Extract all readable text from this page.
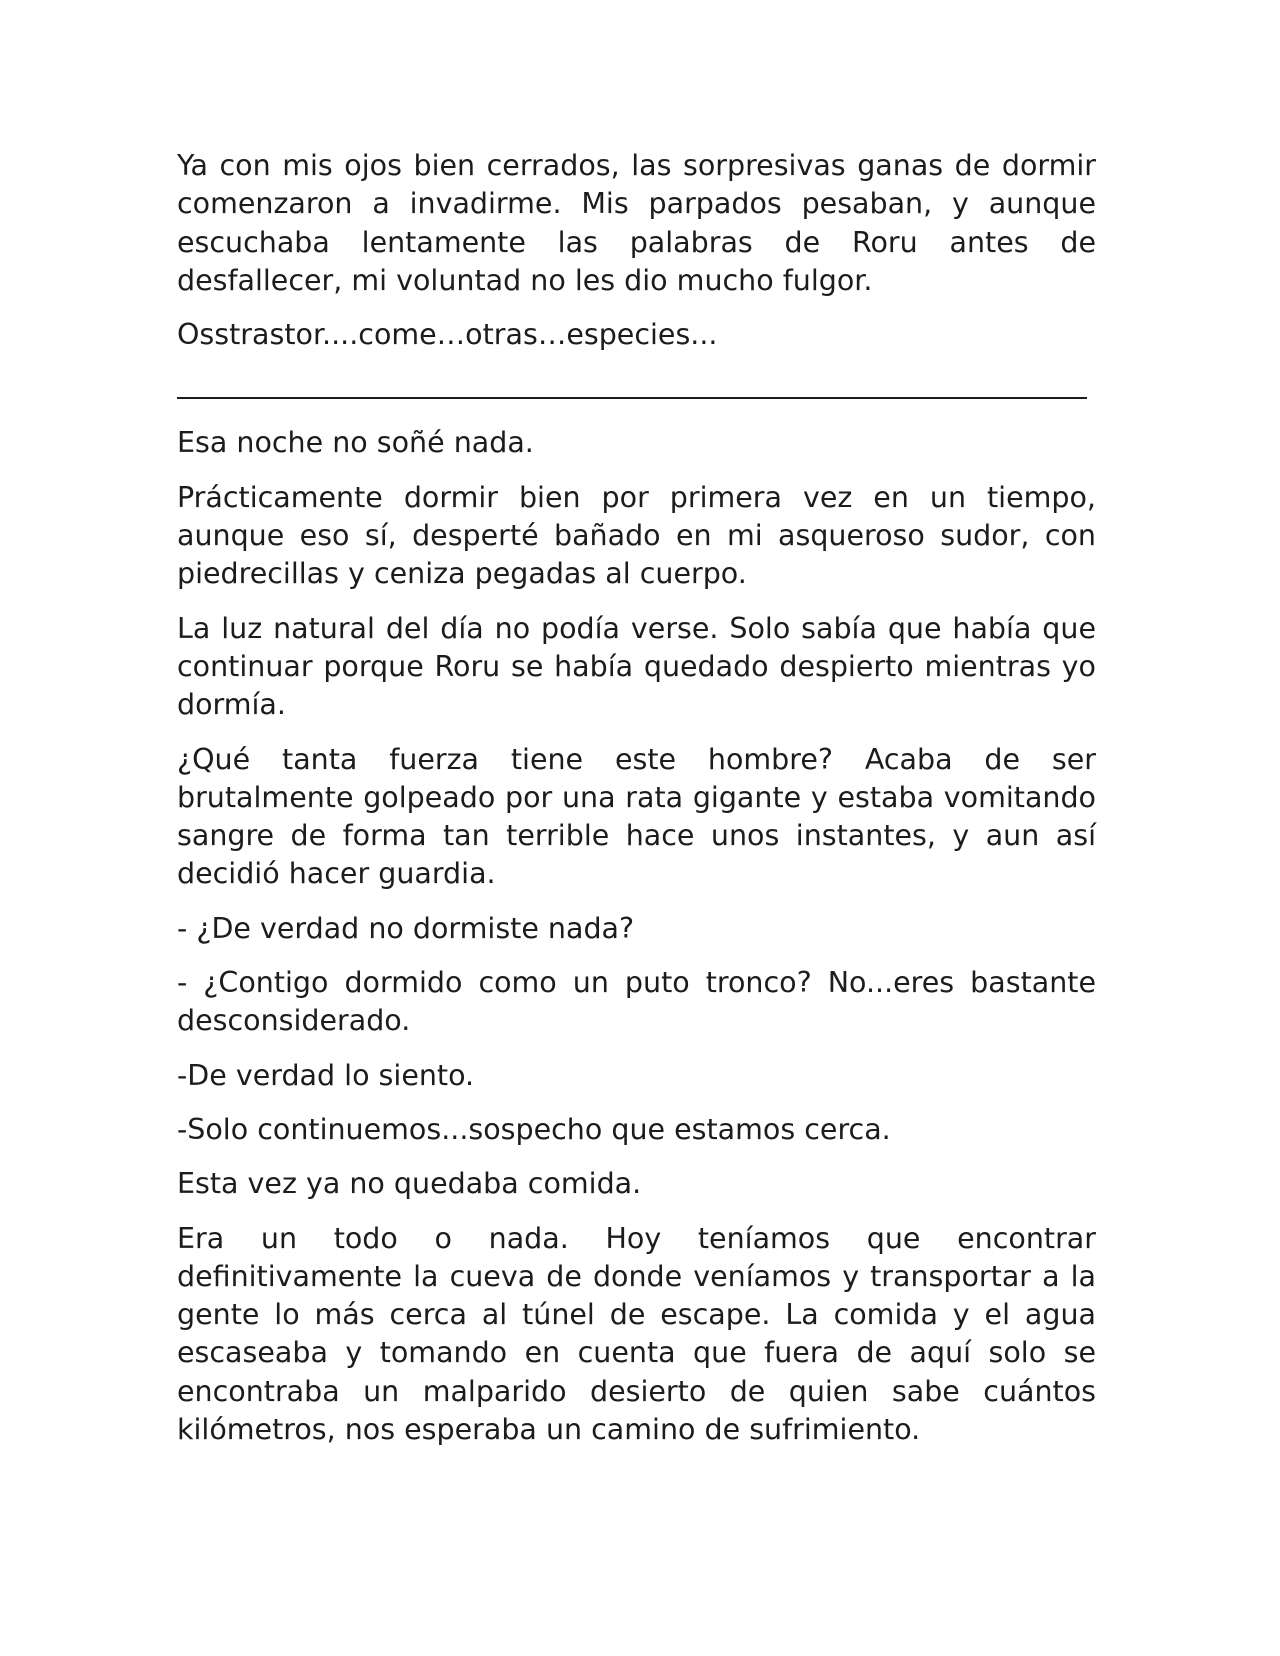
Ya con mis ojos bien cerrados, las sorpresivas ganas de dormir comenzaron a invadirme. Mis parpados pesaban, y aunque escuchaba lentamente las palabras de Roru antes de desfallecer, mi voluntad no les dio mucho fulgor.

Osstrastor....come…otras…especies...

Esa noche no soñé nada.

Prácticamente dormir bien por primera vez en un tiempo, aunque eso sí, desperté bañado en mi asqueroso sudor, con piedrecillas y ceniza pegadas al cuerpo.

La luz natural del día no podía verse. Solo sabía que había que continuar porque Roru se había quedado despierto mientras yo dormía.

¿Qué tanta fuerza tiene este hombre? Acaba de ser brutalmente golpeado por una rata gigante y estaba vomitando sangre de forma tan terrible hace unos instantes, y aun así decidió hacer guardia.

- ¿De verdad no dormiste nada?

- ¿Contigo dormido como un puto tronco? No...eres bastante desconsiderado.

-De verdad lo siento.

-Solo continuemos...sospecho que estamos cerca.

Esta vez ya no quedaba comida.

Era un todo o nada. Hoy teníamos que encontrar definitivamente la cueva de donde veníamos y transportar a la gente lo más cerca al túnel de escape. La comida y el agua escaseaba y tomando en cuenta que fuera de aquí solo se encontraba un malparido desierto de quien sabe cuántos kilómetros, nos esperaba un camino de sufrimiento.
